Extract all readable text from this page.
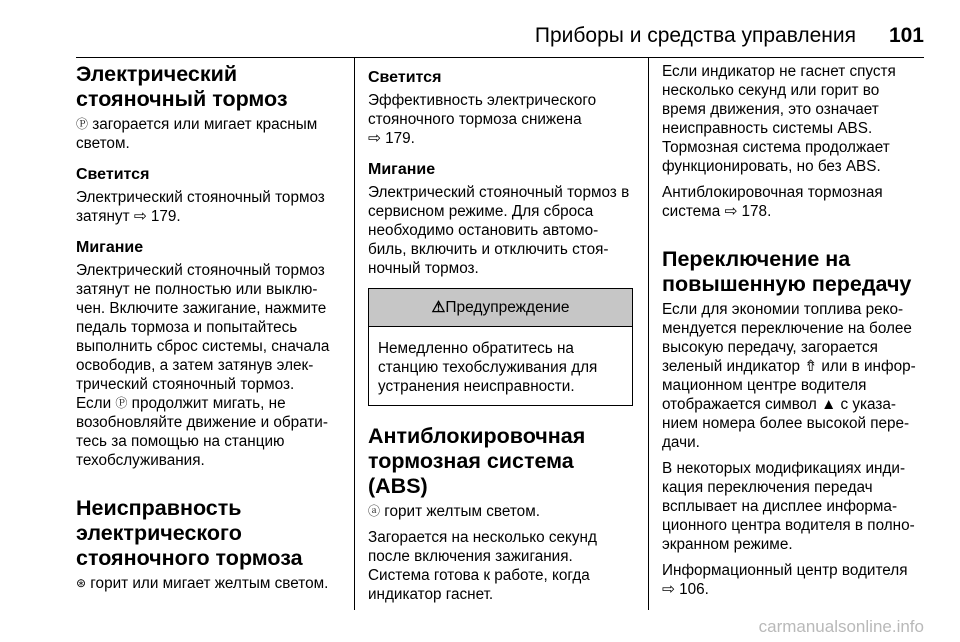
Приборы и средства управления 101
Электрический
стояночный тормоз

Ⓟ загорается или мигает красным светом.

Светится

Электрический стояночный тормоз затянут ⇨ 179.

Мигание

Электрический стояночный тормоз затянут не полностью или выклю-чен. Включите зажигание, нажмите педаль тормоза и попытайтесь выполнить сброс системы, сначала освободив, а затем затянув элек-трический стояночный тормоз.

Если Ⓟ продолжит мигать, не возобновляйте движение и обрати-тесь за помощью на станцию техобслуживания.

Неисправность
электрического
стояночного тормоза

⊛ горит или мигает желтым светом.

Светится

Эффективность электрического стояночного тормоза снижена
⇨ 179.

Мигание

Электрический стояночный тормоз в сервисном режиме. Для сброса необходимо остановить автомо-биль, включить и отключить стоя-ночный тормоз.

⚠Предупреждение
Немедленно обратитесь на станцию техобслуживания для устранения неисправности.
Антиблокировочная
тормозная система (ABS)

ⓐ горит желтым светом.

Загорается на несколько секунд после включения зажигания. Система готова к работе, когда индикатор гаснет.

Если индикатор не гаснет спустя несколько секунд или горит во время движения, это означает неисправность системы ABS. Тормозная система продолжает функционировать, но без ABS.

Антиблокировочная тормозная система ⇨ 178.

Переключение на
повышенную передачу

Если для экономии топлива реко-мендуется переключение на более высокую передачу, загорается зеленый индикатор ⇮ или в инфор-мационном центре водителя отображается символ ▲ с указа-нием номера более высокой пере-дачи.

В некоторых модификациях инди-кация переключения передач всплывает на дисплее информа-ционного центра водителя в полно-экранном режиме.

Информационный центр водителя
⇨ 106.

carmanualsonline.info
